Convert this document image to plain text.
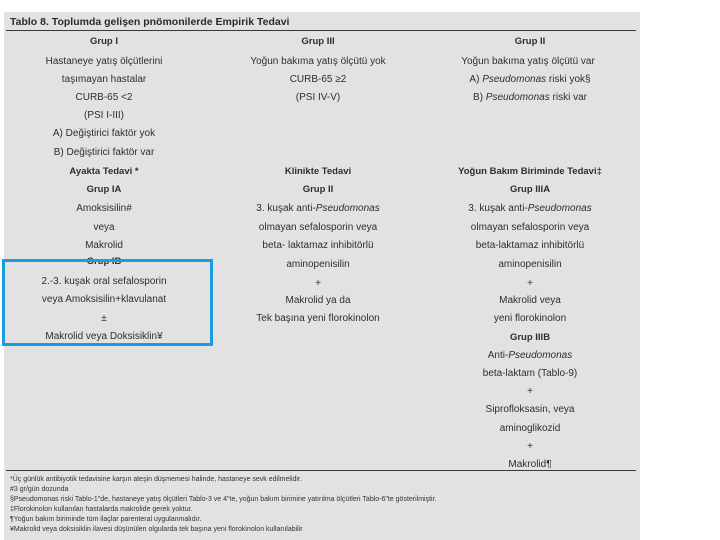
Tablo 8. Toplumda gelişen pnömonilerde Empirik Tedavi
Grup I
Hastaneye yatış ölçütlerini
taşımayan hastalar
CURB-65 <2
(PSI I-III)
A) Değiştirici faktör yok
B) Değiştirici faktör var
Ayakta Tedavi *
Grup IA
Amoksisilin#
veya
Makrolid
Grup IB
2.-3. kuşak oral sefalosporin
veya Amoksisilin+klavulanat
±
Makrolid veya Doksisiklin¥
Grup III
Yoğun bakıma yatış ölçütü yok
CURB-65 ≥2
(PSI IV-V)
Klinikte Tedavi
Grup II
3. kuşak anti-Pseudomonas
olmayan sefalosporin veya
beta- laktamaz inhibitörlü
aminopenisilin
+
Makrolid ya da
Tek başına yeni florokinolon
Grup II
Yoğun bakıma yatış ölçütü var
A) Pseudomonas riski yok§
B) Pseudomonas riski var
Yoğun Bakım Biriminde Tedavi‡
Grup IIIA
3. kuşak anti-Pseudomonas
olmayan sefalosporin veya
beta-laktamaz inhibitörlü
aminopenisilin
+
Makrolid veya
yeni florokinolon
Grup IIIB
Anti-Pseudomonas
beta-laktam (Tablo-9)
+
Siprofloksasin, veya
aminoglikozid
+
Makrolid¶
*Üç günlük antibiyotik tedavisine karşın ateşin düşmemesi halinde, hastaneye sevk edilmelidir.
#3 gr/gün dozunda
§Pseudomonas riski Tablo-1"de, hastaneye yatış ölçütleri Tablo-3 ve 4"te, yoğun bakım birimine yatırılma ölçütleri Tablo-6"te gösterilmiştir.
‡Florokinolon kullanılan hastalarda makrolide gerek yoktur.
¶Yoğun bakım biriminde tüm ilaçlar parenteral uygulanmalıdır.
¥Makrolid veya doksisiklin ilavesi düşünülen olgularda tek başına yeni florokinolon kullanılabilir
